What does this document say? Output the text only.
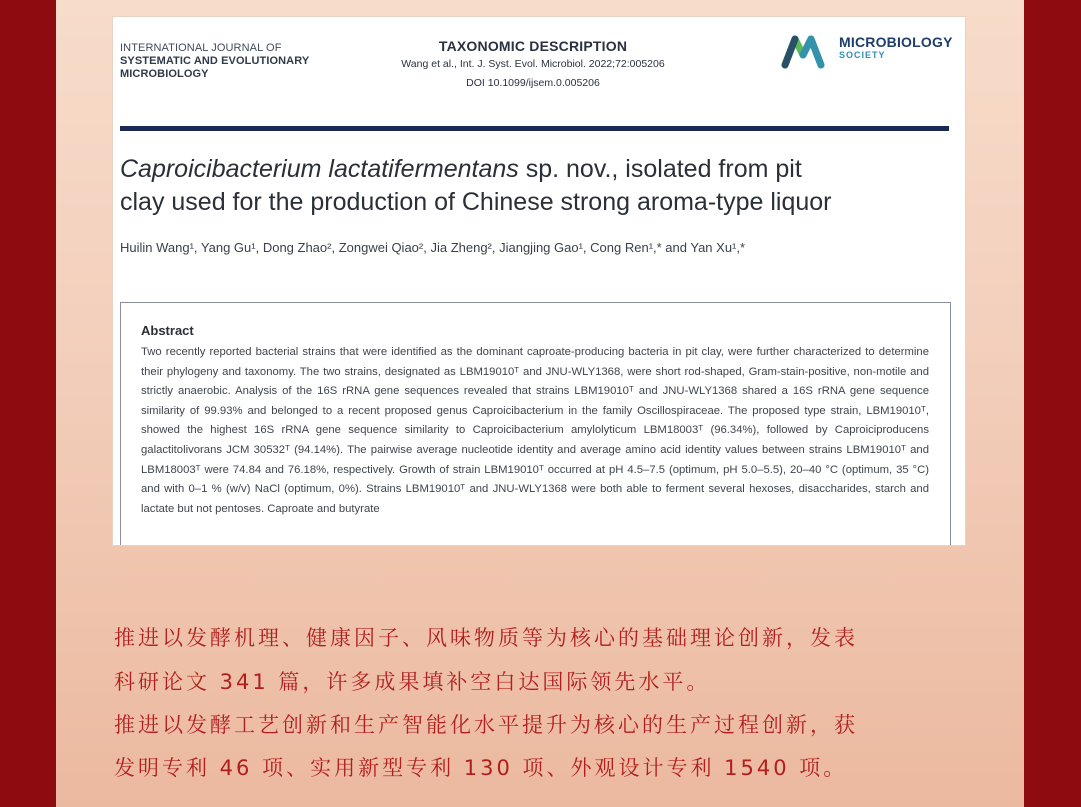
INTERNATIONAL JOURNAL OF
SYSTEMATIC AND EVOLUTIONARY
MICROBIOLOGY
TAXONOMIC DESCRIPTION
Wang et al., Int. J. Syst. Evol. Microbiol. 2022;72:005206
DOI 10.1099/ijsem.0.005206
MICROBIOLOGY
SOCIETY
Caproicibacterium lactatifermentans sp. nov., isolated from pit
clay used for the production of Chinese strong aroma-type liquor
Huilin Wang¹, Yang Gu¹, Dong Zhao², Zongwei Qiao², Jia Zheng², Jiangjing Gao¹, Cong Ren¹,* and Yan Xu¹,*
Abstract
Two recently reported bacterial strains that were identified as the dominant caproate-producing bacteria in pit clay, were further characterized to determine their phylogeny and taxonomy. The two strains, designated as LBM19010ᵀ and JNU-WLY1368, were short rod-shaped, Gram-stain-positive, non-motile and strictly anaerobic. Analysis of the 16S rRNA gene sequences revealed that strains LBM19010ᵀ and JNU-WLY1368 shared a 16S rRNA gene sequence similarity of 99.93% and belonged to a recent proposed genus Caproicibacterium in the family Oscillospiraceae. The proposed type strain, LBM19010ᵀ, showed the highest 16S rRNA gene sequence similarity to Caproicibacterium amylolyticum LBM18003ᵀ (96.34%), followed by Caproiciproducens galactitolivorans JCM 30532ᵀ (94.14%). The pairwise average nucleotide identity and average amino acid identity values between strains LBM19010ᵀ and LBM18003ᵀ were 74.84 and 76.18%, respectively. Growth of strain LBM19010ᵀ occurred at pH 4.5–7.5 (optimum, pH 5.0–5.5), 20–40 °C (optimum, 35 °C) and with 0–1 % (w/v) NaCl (optimum, 0%). Strains LBM19010ᵀ and JNU-WLY1368 were both able to ferment several hexoses, disaccharides, starch and lactate but not pentoses. Caproate and butyrate
推进以发酵机理、健康因子、风味物质等为核心的基础理论创新，发表
科研论文 341 篇，许多成果填补空白达国际领先水平。
推进以发酵工艺创新和生产智能化水平提升为核心的生产过程创新，获
发明专利 46 项、实用新型专利 130 项、外观设计专利 1540 项。
